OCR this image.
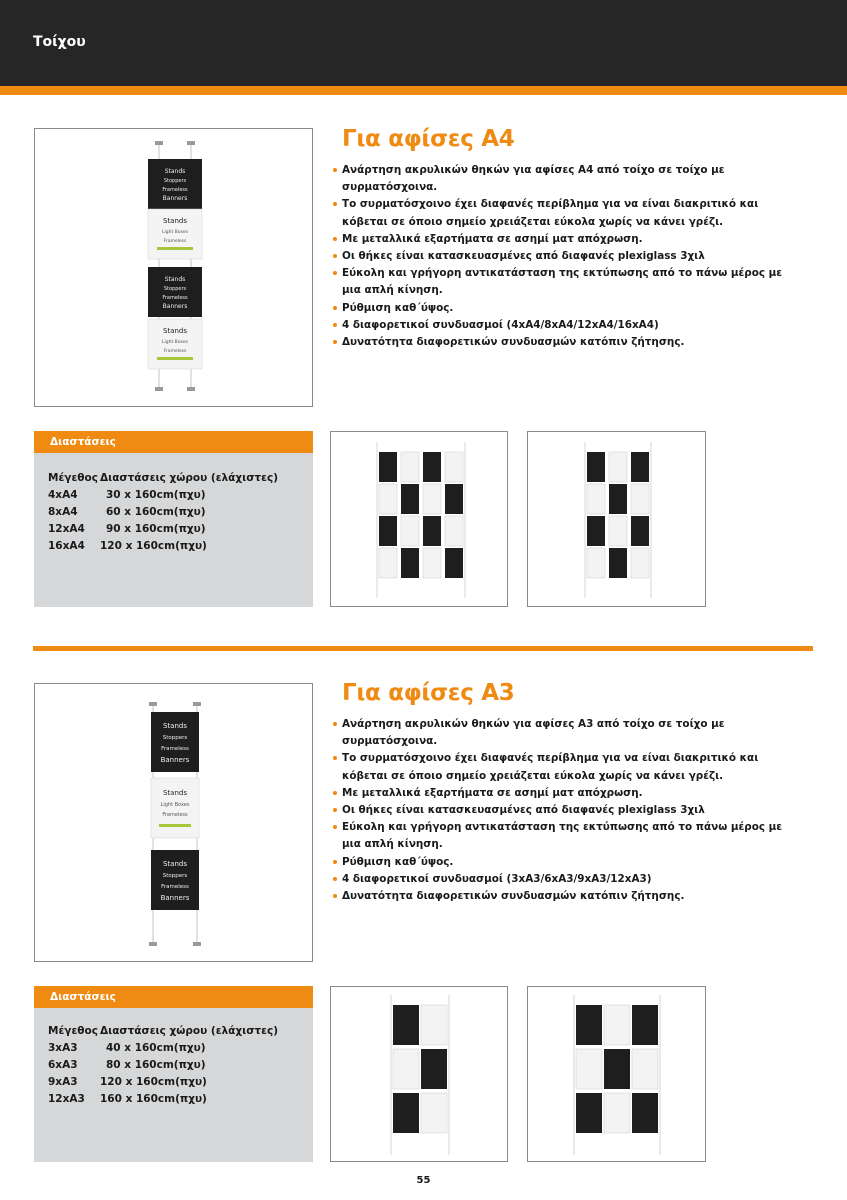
Τοίχου
Stands
Stoppers
Frameless
Banners
Stands
Light Boxes
Frameless
Stands
Stoppers
Frameless
Banners
Stands
Light Boxes
Frameless
Για αφίσες Α4
Ανάρτηση ακρυλικών θηκών για αφίσες Α4 από τοίχο σε τοίχο με συρματόσχοινα.
Το συρματόσχοινο έχει διαφανές περίβλημα για να είναι διακριτικό και κόβεται σε όποιο σημείο χρειάζεται εύκολα χωρίς να κάνει γρέζι.
Με μεταλλικά εξαρτήματα σε ασημί ματ απόχρωση.
Οι θήκες είναι κατασκευασμένες από διαφανές plexiglass 3χιλ
Εύκολη και γρήγορη αντικατάσταση της εκτύπωσης από το πάνω μέρος με μια απλή κίνηση.
Ρύθμιση καθ΄ύψος.
4 διαφορετικοί συνδυασμοί (4xA4/8xA4/12xA4/16xA4)
Δυνατότητα διαφορετικών συνδυασμών κατόπιν ζήτησης.
Διαστάσεις
Μέγεθος	Διαστάσεις χώρου (ελάχιστες)
4xA4	30 x 160cm(πχυ)
8xA4	60 x 160cm(πχυ)
12xA4	90 x 160cm(πχυ)
16xA4	120 x 160cm(πχυ)
Stands
Stoppers
Frameless
Banners
Stands
Light Boxes
Frameless
Stands
Stoppers
Frameless
Banners
Για αφίσες Α3
Ανάρτηση ακρυλικών θηκών για αφίσες Α3 από τοίχο σε τοίχο με συρματόσχοινα.
Το συρματόσχοινο έχει διαφανές περίβλημα για να είναι διακριτικό και κόβεται σε όποιο σημείο χρειάζεται εύκολα χωρίς να κάνει γρέζι.
Με μεταλλικά εξαρτήματα σε ασημί ματ απόχρωση.
Οι θήκες είναι κατασκευασμένες από διαφανές plexiglass 3χιλ
Εύκολη και γρήγορη αντικατάσταση της εκτύπωσης από το πάνω μέρος με μια απλή κίνηση.
Ρύθμιση καθ΄ύψος.
4 διαφορετικοί συνδυασμοί (3xA3/6xA3/9xA3/12xA3)
Δυνατότητα διαφορετικών συνδυασμών κατόπιν ζήτησης.
Διαστάσεις
Μέγεθος	Διαστάσεις χώρου (ελάχιστες)
3xA3	40 x 160cm(πχυ)
6xA3	80 x 160cm(πχυ)
9xA3	120 x 160cm(πχυ)
12xA3	160 x 160cm(πχυ)
55
